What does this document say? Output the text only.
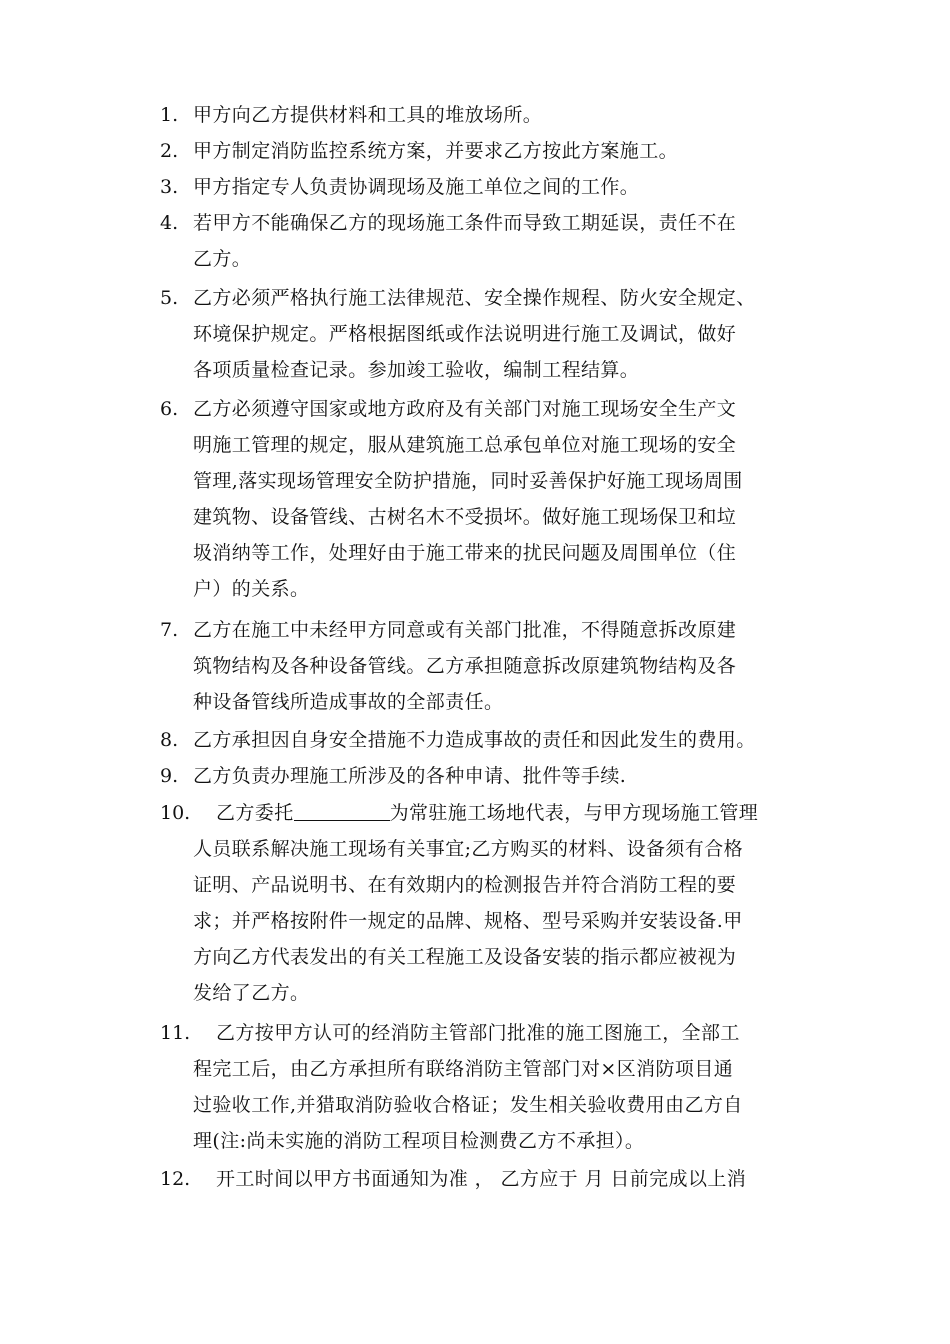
1. 甲方向乙方提供材料和工具的堆放场所。
2. 甲方制定消防监控系统方案，并要求乙方按此方案施工。
3. 甲方指定专人负责协调现场及施工单位之间的工作。
4. 若甲方不能确保乙方的现场施工条件而导致工期延误，责任不在
乙方。
5. 乙方必须严格执行施工法律规范、安全操作规程、防火安全规定、
环境保护规定。严格根据图纸或作法说明进行施工及调试，做好
各项质量检查记录。参加竣工验收，编制工程结算。
6. 乙方必须遵守国家或地方政府及有关部门对施工现场安全生产文
明施工管理的规定，服从建筑施工总承包单位对施工现场的安全
管理,落实现场管理安全防护措施，同时妥善保护好施工现场周围
建筑物、设备管线、古树名木不受损坏。做好施工现场保卫和垃
圾消纳等工作，处理好由于施工带来的扰民问题及周围单位（住
户）的关系。
7. 乙方在施工中未经甲方同意或有关部门批准，不得随意拆改原建
筑物结构及各种设备管线。乙方承担随意拆改原建筑物结构及各
种设备管线所造成事故的全部责任。
8. 乙方承担因自身安全措施不力造成事故的责任和因此发生的费用。
9. 乙方负责办理施工所涉及的各种申请、批件等手续.
10. 乙方委托	为常驻施工场地代表，与甲方现场施工管理
人员联系解决施工现场有关事宜;乙方购买的材料、设备须有合格
证明、产品说明书、在有效期内的检测报告并符合消防工程的要
求；并严格按附件一规定的品牌、规格、型号采购并安装设备.甲
方向乙方代表发出的有关工程施工及设备安装的指示都应被视为
发给了乙方。
11. 乙方按甲方认可的经消防主管部门批准的施工图施工，全部工
程完工后，由乙方承担所有联络消防主管部门对×区消防项目通
过验收工作,并猎取消防验收合格证；发生相关验收费用由乙方自
理(注:尚未实施的消防工程项目检测费乙方不承担）。
12. 开工时间以甲方书面通知为准 ， 乙方应于 月 日前完成以上消
